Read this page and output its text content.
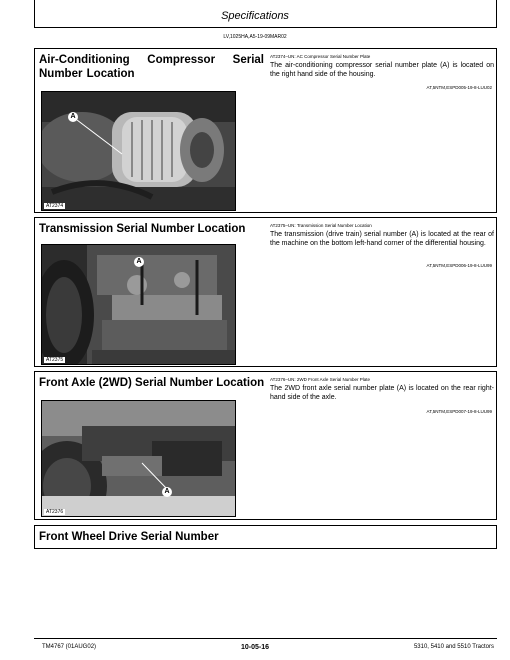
Specifications
LV,1025HA,A5-19-09MAR02
Air-Conditioning Compressor Serial Number Location
AT2374–UN: AC Compressor Serial Number Plate
The air-conditioning compressor serial number plate (A) is located on the right hand side of the housing.
AT,5NTM,ESPD005-19-8-LUU02
A
AT2374
Transmission Serial Number Location	AT2375–UN: Transmission Serial Number Location
The transmission (drive train) serial number (A) is located at the rear of the machine on the bottom left-hand corner of the differential housing.
AT,5NTM,ESPD006-19-8-LUU99
A
AT2375
Front Axle (2WD) Serial Number Location	AT2376–UN: 2WD Front Axle Serial Number Plate
The 2WD front axle serial number plate (A) is located on the rear right-hand side of the axle.
AT,5NTM,ESPD007-19-8-LUU99
A
AT2376
Front Wheel Drive Serial Number
TM4767 (01AUG02)	10-05-16	5310, 5410 and 5510 Tractors
